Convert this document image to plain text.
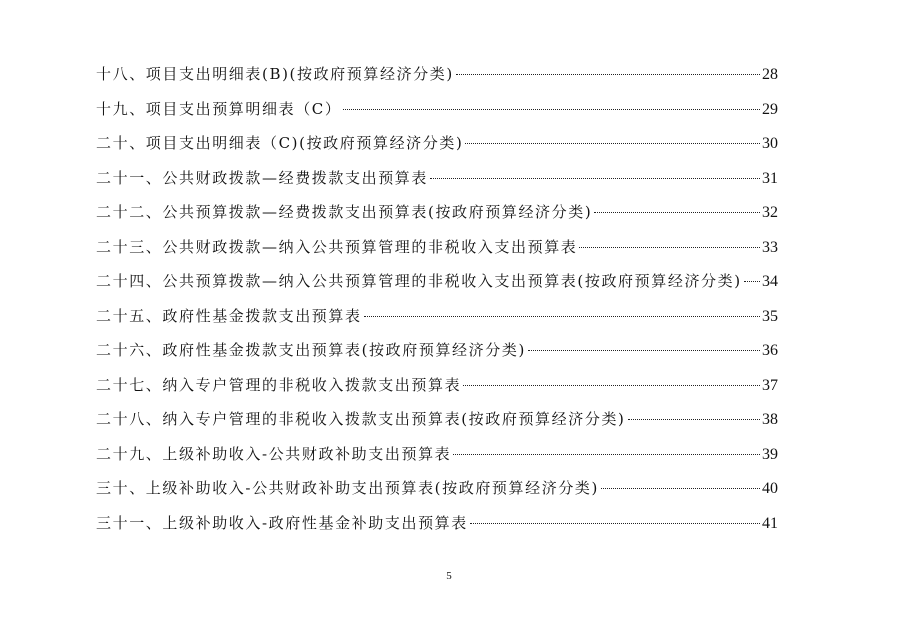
十八、项目支出明细表(B)(按政府预算经济分类)	28
十九、项目支出预算明细表（C）	29
二十、项目支出明细表（C)(按政府预算经济分类)	30
二十一、公共财政拨款—经费拨款支出预算表	31
二十二、公共预算拨款—经费拨款支出预算表(按政府预算经济分类)	32
二十三、公共财政拨款—纳入公共预算管理的非税收入支出预算表	33
二十四、公共预算拨款—纳入公共预算管理的非税收入支出预算表(按政府预算经济分类) 34
二十五、政府性基金拨款支出预算表	35
二十六、政府性基金拨款支出预算表(按政府预算经济分类)	36
二十七、纳入专户管理的非税收入拨款支出预算表	37
二十八、纳入专户管理的非税收入拨款支出预算表(按政府预算经济分类)	38
二十九、上级补助收入-公共财政补助支出预算表	39
三十、上级补助收入-公共财政补助支出预算表(按政府预算经济分类)	40
三十一、上级补助收入-政府性基金补助支出预算表	41
5
